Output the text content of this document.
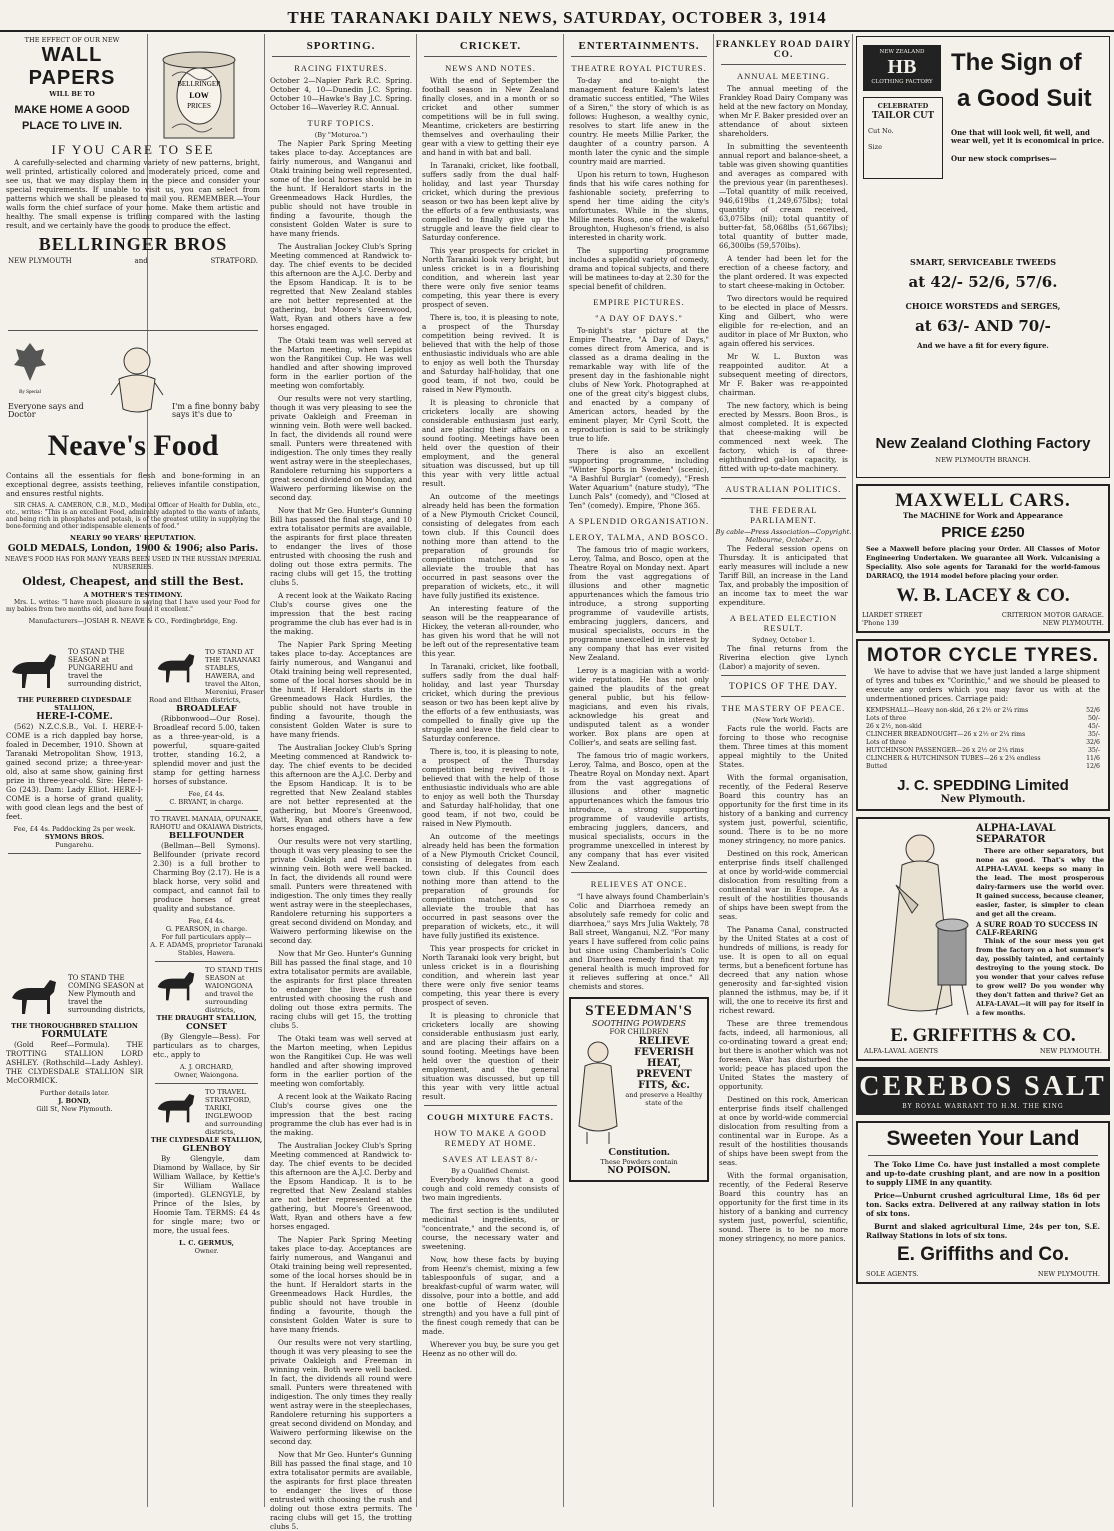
THE TARANAKI DAILY NEWS, SATURDAY, OCTOBER 3, 1914
THE EFFECT OF OUR NEW
WALL PAPERS
WILL BE TO
MAKE HOME A GOOD
PLACE TO LIVE IN.
BELLRINGER
LOW
PRICES
IF YOU CARE TO SEE

A carefully-selected and charming variety of new patterns, bright, well printed, artistically colored and moderately priced, come and see us, that we may display them in the piece and consider your special requirements. If unable to visit us, you can select from patterns which we shall be pleased to mail you. REMEMBER.—Your walls form the chief surface of your home. Make them artistic and healthy. The small expense is trifling compared with the lasting result, and we certainly have the goods to produce the effect.

BELLRINGER BROS
NEW PLYMOUTH	and	STRATFORD.
By Special
Everyone says and Doctor
I'm a fine bonny baby says it's due to
Neave's Food

Contains all the essentials for flesh and bone-forming in an exceptional degree, assists teething, relieves infantile constipation, and ensures restful nights.

SIR CHAS. A. CAMERON, C.B., M.D., Medical Officer of Health for Dublin, etc., etc., writes: "This is an excellent Food, admirably adapted to the wants of infants, and being rich in phosphates and potash, is of the greatest utility in supplying the bone-forming and other indispensable elements of food."

NEARLY 90 YEARS' REPUTATION.
GOLD MEDALS, London, 1900 & 1906; also Paris.
NEAVE'S FOOD HAS FOR MANY YEARS BEEN USED IN THE RUSSIAN IMPERIAL NURSERIES.
Oldest, Cheapest, and still the Best.
A MOTHER'S TESTIMONY.

Mrs. L. writes: "I have much pleasure in saying that I have used your Food for my babies from two months old, and have found it excellent."

Manufacturers—JOSIAH R. NEAVE & CO., Fordingbridge, Eng.
TO STAND THE SEASON at PUNGAREHU and travel the surrounding district,
THE PUREBRED CLYDESDALE STALLION,
HERE-I-COME.

(562) N.Z.C.S.B., Vol. I. HERE-I-COME is a rich dappled bay horse, foaled in December, 1910. Shown at Taranaki Metropolitan Show, 1913, gained second prize; a three-year-old, also at same show, gaining first prize in three-year-old. Sire: Here-I-Go (243). Dam: Lady Elliot. HERE-I-COME is a horse of grand quality, with good clean legs and the best of feet.

Fee, £4 4s. Paddocking 2s per week.
SYMONS BROS.
Pungarehu.
TO STAND THE COMING SEASON at New Plymouth and travel the surrounding districts,
THE THOROUGHBRED STALLION
FORMULATE

(Gold Reef—Formula). THE TROTTING STALLION LORD ASHLEY. (Rothschild—Lady Ashley). THE CLYDESDALE STALLION SIR McCORMICK.

Further details later.
J. BOND,
Gill St, New Plymouth.
TO STAND AT THE TARANAKI STABLES, HAWERA, and travel the Alton, Mereniui, Fraser Road and Eltham districts,
BROADLEAF

(Ribbonwood—Our Rose). Broadleaf record 5.00, taken as a three-year-old, is a powerful, square-gaited trotter, standing 16.2, a splendid mover and just the stamp for getting harness horses of substance.

Fee, £4 4s.
C. BRYANT, in charge.
TO TRAVEL MANAIA, OPUNAKE, RAHOTU and OKAIAWA Districts,
BELLFOUNDER

(Bellman—Bell Symons). Bellfounder (private record 2.30) is a full brother to Charming Boy (2.17). He is a black horse, very solid and compact, and cannot fail to produce horses of great quality and substance.

Fee, £4 4s.
G. PEARSON, in charge.
For full particulars apply—
A. F. ADAMS, proprietor Taranaki Stables, Hawera.
TO STAND THIS SEASON at WAIONGONA and travel the surrounding districts,
THE DRAUGHT STALLION,
CONSET

(By Glengyle—Bess). For particulars as to charges, etc., apply to

A. J. ORCHARD,
Owner, Waiongona.
TO TRAVEL STRATFORD, TARIKI, INGLEWOOD and surrounding districts,
THE CLYDESDALE STALLION,
GLENBOY

By Glengyle, dam Diamond by Wallace, by Sir William Wallace, by Kettie's Sir William Wallace (imported). GLENGYLE, by Prince of the Isles, by Hoomie Tam. TERMS: £4 4s for single mare; two or more, the usual fees.

L. C. GERMUS,
Owner.
SPORTING.
RACING FIXTURES.

October 2—Napier Park R.C. Spring. October 4, 10—Dunedin J.C. Spring. October 10—Hawke's Bay J.C. Spring. October 16—Waverley R.C. Annual.

TURF TOPICS.
(By "Moturoa.")

The Napier Park Spring Meeting takes place to-day. Acceptances are fairly numerous, and Wanganui and Otaki training being well represented, some of the local horses should be in the hunt. If Heraldort starts in the Greenmeadows Hack Hurdles, the public should not have trouble in finding a favourite, though the consistent Golden Water is sure to have many friends.

The Australian Jockey Club's Spring Meeting commenced at Randwick to-day. The chief events to be decided this afternoon are the A.J.C. Derby and the Epsom Handicap. It is to be regretted that New Zealand stables are not better represented at the gathering, but Moore's Greenwood, Watt, Ryan and others have a few horses engaged.

The Otaki team was well served at the Marton meeting, when Lepidus won the Rangitikei Cup. He was well handled and after showing improved form in the earlier portion of the meeting won comfortably.

Our results were not very startling, though it was very pleasing to see the private Oakleigh and Freeman in winning vein. Both were well backed. In fact, the dividends all round were small. Punters were threatened with indigestion. The only times they really went astray were in the steeplechases, Randolere returning his supporters a great second dividend on Monday, and Waiwero performing likewise on the second day.

Now that Mr Geo. Hunter's Gunning Bill has passed the final stage, and 10 extra totalisator permits are available, the aspirants for first place threaten to endanger the lives of those entrusted with choosing the rush and doling out those extra permits. The racing clubs will get 15, the trotting clubs 5.

A recent look at the Waikato Racing Club's course gives one the impression that the best racing programme the club has ever had is in the making.

The Napier Park Spring Meeting takes place to-day. Acceptances are fairly numerous, and Wanganui and Otaki training being well represented, some of the local horses should be in the hunt. If Heraldort starts in the Greenmeadows Hack Hurdles, the public should not have trouble in finding a favourite, though the consistent Golden Water is sure to have many friends.

The Australian Jockey Club's Spring Meeting commenced at Randwick to-day. The chief events to be decided this afternoon are the A.J.C. Derby and the Epsom Handicap. It is to be regretted that New Zealand stables are not better represented at the gathering, but Moore's Greenwood, Watt, Ryan and others have a few horses engaged.

Our results were not very startling, though it was very pleasing to see the private Oakleigh and Freeman in winning vein. Both were well backed. In fact, the dividends all round were small. Punters were threatened with indigestion. The only times they really went astray were in the steeplechases, Randolere returning his supporters a great second dividend on Monday, and Waiwero performing likewise on the second day.

Now that Mr Geo. Hunter's Gunning Bill has passed the final stage, and 10 extra totalisator permits are available, the aspirants for first place threaten to endanger the lives of those entrusted with choosing the rush and doling out those extra permits. The racing clubs will get 15, the trotting clubs 5.

The Otaki team was well served at the Marton meeting, when Lepidus won the Rangitikei Cup. He was well handled and after showing improved form in the earlier portion of the meeting won comfortably.

A recent look at the Waikato Racing Club's course gives one the impression that the best racing programme the club has ever had is in the making.

The Australian Jockey Club's Spring Meeting commenced at Randwick to-day. The chief events to be decided this afternoon are the A.J.C. Derby and the Epsom Handicap. It is to be regretted that New Zealand stables are not better represented at the gathering, but Moore's Greenwood, Watt, Ryan and others have a few horses engaged.

The Napier Park Spring Meeting takes place to-day. Acceptances are fairly numerous, and Wanganui and Otaki training being well represented, some of the local horses should be in the hunt. If Heraldort starts in the Greenmeadows Hack Hurdles, the public should not have trouble in finding a favourite, though the consistent Golden Water is sure to have many friends.

Our results were not very startling, though it was very pleasing to see the private Oakleigh and Freeman in winning vein. Both were well backed. In fact, the dividends all round were small. Punters were threatened with indigestion. The only times they really went astray were in the steeplechases, Randolere returning his supporters a great second dividend on Monday, and Waiwero performing likewise on the second day.

Now that Mr Geo. Hunter's Gunning Bill has passed the final stage, and 10 extra totalisator permits are available, the aspirants for first place threaten to endanger the lives of those entrusted with choosing the rush and doling out those extra permits. The racing clubs will get 15, the trotting clubs 5.

CRICKET.
NEWS AND NOTES.

With the end of September the football season in New Zealand finally closes, and in a month or so cricket and other summer competitions will be in full swing. Meantime, cricketers are bestirring themselves and overhauling their gear with a view to getting their eye and hand in with bat and ball.

In Taranaki, cricket, like football, suffers sadly from the dual half-holiday, and last year Thursday cricket, which during the previous season or two has been kept alive by the efforts of a few enthusiasts, was compelled to finally give up the struggle and leave the field clear to Saturday conference.

This year prospects for cricket in North Taranaki look very bright, but unless cricket is in a flourishing condition, and wherein last year there were only five senior teams competing, this year there is every prospect of seven.

There is, too, it is pleasing to note, a prospect of the Thursday competition being revived. It is believed that with the help of those enthusiastic individuals who are able to enjoy as well both the Thursday and Saturday half-holiday, that one good team, if not two, could be raised in New Plymouth.

It is pleasing to chronicle that cricketers locally are showing considerable enthusiasm just early, and are placing their affairs on a sound footing. Meetings have been held over the question of their employment, and the general situation was discussed, but up till this year with very little actual result.

An outcome of the meetings already held has been the formation of a New Plymouth Cricket Council, consisting of delegates from each town club. If this Council does nothing more than attend to the preparation of grounds for competition matches, and so alleviate the trouble that has occurred in past seasons over the preparation of wickets, etc., it will have fully justified its existence.

An interesting feature of the season will be the reappearance of Hickey, the veteran all-rounder, who has given his word that he will not be left out of the representative team this year.

In Taranaki, cricket, like football, suffers sadly from the dual half-holiday, and last year Thursday cricket, which during the previous season or two has been kept alive by the efforts of a few enthusiasts, was compelled to finally give up the struggle and leave the field clear to Saturday conference.

There is, too, it is pleasing to note, a prospect of the Thursday competition being revived. It is believed that with the help of those enthusiastic individuals who are able to enjoy as well both the Thursday and Saturday half-holiday, that one good team, if not two, could be raised in New Plymouth.

An outcome of the meetings already held has been the formation of a New Plymouth Cricket Council, consisting of delegates from each town club. If this Council does nothing more than attend to the preparation of grounds for competition matches, and so alleviate the trouble that has occurred in past seasons over the preparation of wickets, etc., it will have fully justified its existence.

This year prospects for cricket in North Taranaki look very bright, but unless cricket is in a flourishing condition, and wherein last year there were only five senior teams competing, this year there is every prospect of seven.

It is pleasing to chronicle that cricketers locally are showing considerable enthusiasm just early, and are placing their affairs on a sound footing. Meetings have been held over the question of their employment, and the general situation was discussed, but up till this year with very little actual result.

COUGH MIXTURE FACTS.
HOW TO MAKE A GOOD REMEDY AT HOME.
SAVES AT LEAST 8/-
By a Qualified Chemist.

Everybody knows that a good cough and cold remedy consists of two main ingredients.

The first section is the undiluted medicinal ingredients, or "concentrate," and the second is, of course, the necessary water and sweetening.

Now, how these facts by buying from Heenz's chemist, mixing a few tablespoonfuls of sugar, and a breakfast-cupful of warm water, will dissolve, pour into a bottle, and add one bottle of Heenz (double strength) and you have a full pint of the finest cough remedy that can be made.

Wherever you buy, be sure you get Heenz as no other will do.

ENTERTAINMENTS.
THEATRE ROYAL PICTURES.

To-day and to-night the management feature Kalem's latest dramatic success entitled, "The Wiles of a Siren," the story of which is as follows: Hugheson, a wealthy cynic, resolves to start life anew in the country. He meets Millie Parker, the daughter of a country parson. A month later the cynic and the simple country maid are married.

Upon his return to town, Hugheson finds that his wife cares nothing for fashionable society, preferring to spend her time aiding the city's unfortunates. While in the slums, Millie meets Ross, one of the wakeful Broughton, Hugheson's friend, is also interested in charity work.

The supporting programme includes a splendid variety of comedy, drama and topical subjects, and there will be matinees to-day at 2.30 for the special benefit of children.

EMPIRE PICTURES.
"A DAY OF DAYS."

To-night's star picture at the Empire Theatre, "A Day of Days," comes direct from America, and is classed as a drama dealing in the remarkable way with life of the present day in the fashionable night clubs of New York. Photographed at one of the great city's biggest clubs, and enacted by a company of American actors, headed by the eminent player, Mr Cyril Scott, the reproduction is said to be strikingly true to life.

There is also an excellent supporting programme, including "Winter Sports in Sweden" (scenic), "A Bashful Burglar" (comedy), "Fresh Water Aquarium" (nature study), "The Lunch Pals" (comedy), and "Closed at Ten" (comedy). Empire, 'Phone 365.

A SPLENDID ORGANISATION.
LEROY, TALMA, AND BOSCO.

The famous trio of magic workers, Leroy, Talma, and Bosco, open at the Theatre Royal on Monday next. Apart from the vast aggregations of illusions and other magnetic appurtenances which the famous trio introduce, a strong supporting programme of vaudeville artists, embracing jugglers, dancers, and musical specialists, occurs in the programme unexcelled in interest by any company that has ever visited New Zealand.

Leroy is a magician with a world-wide reputation. He has not only gained the plaudits of the great general public, but his fellow-magicians, and even his rivals, acknowledge his great and undisputed talent as a wonder worker. Box plans are open at Collier's, and seats are selling fast.

The famous trio of magic workers, Leroy, Talma, and Bosco, open at the Theatre Royal on Monday next. Apart from the vast aggregations of illusions and other magnetic appurtenances which the famous trio introduce, a strong supporting programme of vaudeville artists, embracing jugglers, dancers, and musical specialists, occurs in the programme unexcelled in interest by any company that has ever visited New Zealand.

RELIEVES AT ONCE.

"I have always found Chamberlain's Colic and Diarrhoea remedy an absolutely safe remedy for colic and diarrhoea," says Mrs Julia Waktely, 78 Ball street, Wanganui, N.Z. "For many years I have suffered from colic pains but since using Chamberlain's Colic and Diarrhoea remedy find that my general health is much improved for it relieves suffering at once." All chemists and stores.

STEEDMAN'S
SOOTHING POWDERS
FOR CHILDREN
RELIEVE
FEVERISH
HEAT,
PREVENT
FITS, &c.
and preserve a Healthy state of the
Constitution.
These Powders contain
NO POISON.
FRANKLEY ROAD DAIRY CO.
ANNUAL MEETING.

The annual meeting of the Frankley Road Dairy Company was held at the new factory on Monday, when Mr F. Baker presided over an attendance of about sixteen shareholders.

In submitting the seventeenth annual report and balance-sheet, a table was given showing quantities and averages as compared with the previous year (in parentheses).—Total quantity of milk received, 946,619lbs (1,249,675lbs); total quantity of cream received, 63,075lbs (nil); total quantity of butter-fat, 58,068lbs (51,667lbs); total quantity of butter made, 66,300lbs (59,570lbs).

A tender had been let for the erection of a cheese factory, and the plant ordered. It was expected to start cheese-making in October.

Two directors would be required to be elected in place of Messrs. King and Gilbert, who were eligible for re-election, and an auditor in place of Mr Buxton, who again offered his services.

Mr W. L. Buxton was reappointed auditor. At a subsequent meeting of directors, Mr F. Baker was re-appointed chairman.

The new factory, which is being erected by Messrs. Boon Bros., is almost completed. It is expected that cheese-making will be commenced next week. The factory, which is of three-eighthundred gal-lon capacity, is fitted with up-to-date machinery.

AUSTRALIAN POLITICS.
THE FEDERAL PARLIAMENT.
By cable—Press Association—Copyright. Melbourne, October 2.

The Federal session opens on Thursday. It is anticipated that early measures will include a new Tariff Bill, an increase in the Land Tax, and probably the imposition of an income tax to meet the war expenditure.

A BELATED ELECTION RESULT.
Sydney, October 1.

The final returns from the Riverina election give Lynch (Labor) a majority of seven.

TOPICS OF THE DAY.
THE MASTERY OF PEACE.
(New York World).

Facts rule the world. Facts are forcing to those who recognise them. Three times at this moment appeal mightily to the United States.

With the formal organisation, recently, of the Federal Reserve Board this country has an opportunity for the first time in its history of a banking and currency system just, powerful, scientific, sound. There is to be no more money stringency, no more panics.

Destined on this rock, American enterprise finds itself challenged at once by world-wide commercial dislocation from resulting from a continental war in Europe. As a result of the hostilities thousands of ships have been swept from the seas.

The Panama Canal, constructed by the United States at a cost of hundreds of millions, is ready for use. It is open to all on equal terms, but a beneficent fortune has decreed that any nation whose generosity and far-sighted vision planned the isthmus, may be, if it will, the one to receive its first and richest reward.

These are three tremendous facts, indeed, all harmonious, all co-ordinating toward a great end; but there is another which was not foreseen. War has disturbed the world; peace has placed upon the United States the mastery of opportunity.

Destined on this rock, American enterprise finds itself challenged at once by world-wide commercial dislocation from resulting from a continental war in Europe. As a result of the hostilities thousands of ships have been swept from the seas.

With the formal organisation, recently, of the Federal Reserve Board this country has an opportunity for the first time in its history of a banking and currency system just, powerful, scientific, sound. There is to be no more money stringency, no more panics.

NEW ZEALAND
HB
CLOTHING FACTORY
CELEBRATED
TAILOR CUT
Cut No.
Size
The Sign of
a Good Suit
One that will look well, fit well, and wear well, yet it is economical in price.
Our new stock comprises—
SMART, SERVICEABLE TWEEDS
at 42/- 52/6, 57/6.
CHOICE WORSTEDS and SERGES,
at 63/- AND 70/-
And we have a fit for every figure.
New Zealand Clothing Factory
NEW PLYMOUTH BRANCH.
MAXWELL CARS.
The MACHINE for Work and Appearance
PRICE £250

See a Maxwell before placing your Order. All Classes of Motor Engineering Undertaken. We guarantee all Work. Vulcanising a Speciality. Also sole agents for Taranaki for the world-famous DARRACQ, the 1914 model before placing your order.

W. B. LACEY & CO.
LIARDET STREET	CRITERION MOTOR GARAGE.
'Phone 139	NEW PLYMOUTH.
MOTOR CYCLE TYRES.

We have to advise that we have just landed a large shipment of tyres and tubes ex "Corinthic," and we should be pleased to execute any orders which you may favor us with at the undermentioned prices. Carriage paid:

KEMPSHALL—Heavy non-skid, 26 x 2½ or 2¼ rims	52/6
Lots of three	50/-
26 x 2½, non-skid	45/-
CLINCHER BREADNOUGHT—26 x 2½ or 2¼ rims	35/-
Lots of three	32/6
HUTCHINSON PASSENGER—26 x 2½ or 2¼ rims	35/-
CLINCHER & HUTCHINSON TUBES—26 x 2¼ endless	11/6
Butted	12/6
J. C. SPEDDING Limited
New Plymouth.
ALPHA-LAVAL SEPARATOR

There are other separators, but none as good. That's why the ALPHA-LAVAL keeps so many in the lead. The most prosperous dairy-farmers use the world over. It gained success, because cleaner, easier, faster, is simpler to clean and get all the cream.

A SURE ROAD TO SUCCESS IN CALF-REARING

Think of the sour mess you get from the factory on a hot summer's day, possibly tainted, and certainly destroying to the young stock. Do you wonder that your calves refuse to grow well? Do you wonder why they don't fatten and thrive? Get an ALFA-LAVAL—it will pay for itself in a few months.

E. GRIFFITHS & CO.
ALFA-LAVAL AGENTS	NEW PLYMOUTH.
CEREBOS SALT
BY ROYAL WARRANT TO H.M. THE KING
Sweeten Your Land

The Toko Lime Co. have just installed a most complete and up-to-date crushing plant, and are now in a position to supply LIME in any quantity.

Price—Unburnt crushed agricultural Lime, 18s 6d per ton. Sacks extra. Delivered at any railway station in lots of six tons.

Burnt and slaked agricultural Lime, 24s per ton, S.E. Railway Stations in lots of six tons.

E. Griffiths and Co.
SOLE AGENTS.	NEW PLYMOUTH.
